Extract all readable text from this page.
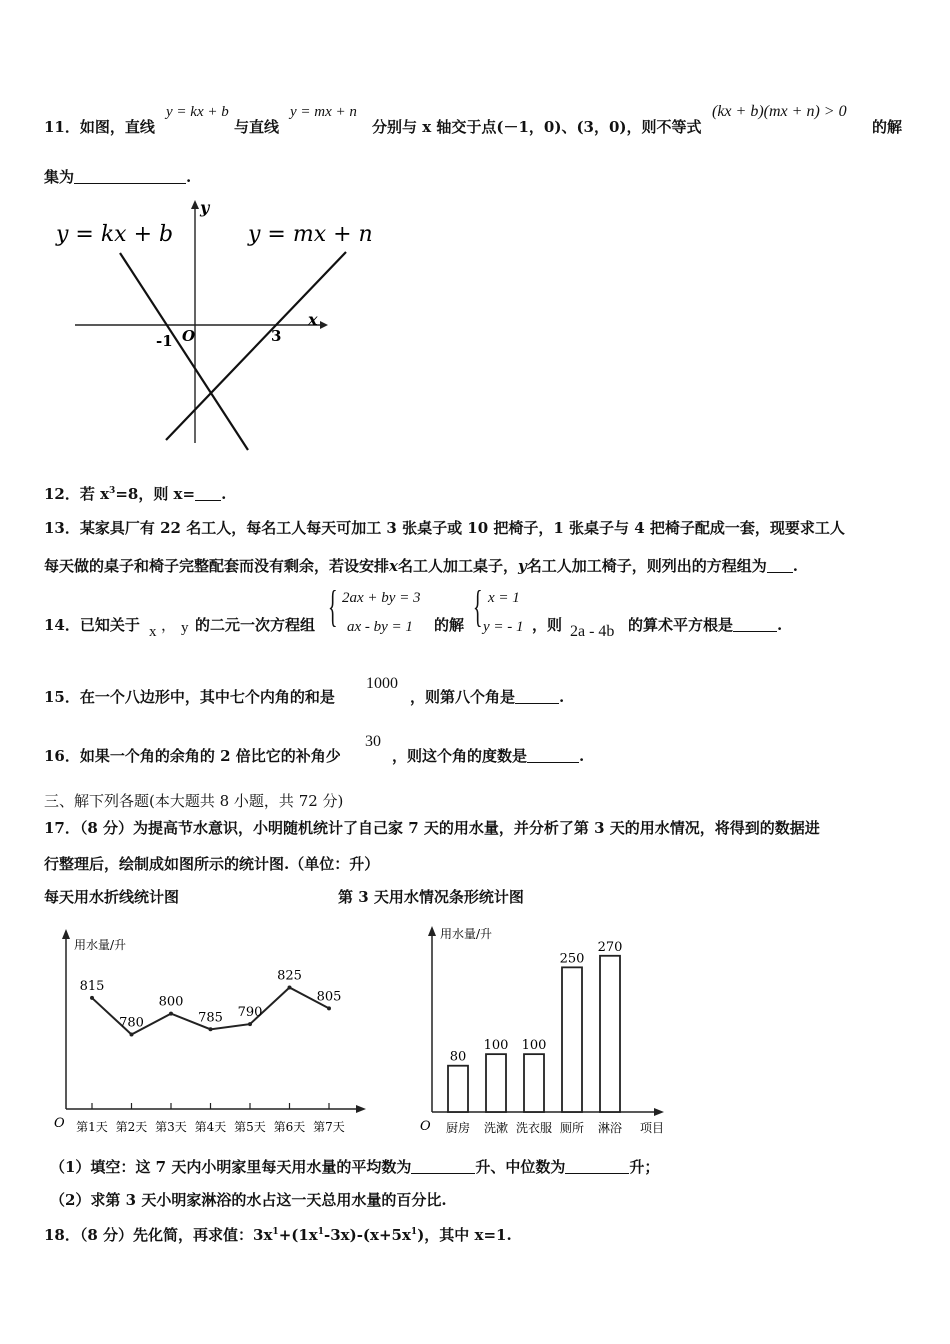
11．如图，直线
y = kx + b
与直线
y = mx + n
分别与 x 轴交于点(－1，0)、(3，0)，则不等式
(kx + b)(mx + n) > 0
的解
集为	.
y = kx + b	y = mx + n
y
x
O
-1	3
12．若 $x^3=8$，则 x= .
13．某家具厂有 22 名工人，每名工人每天可加工 3 张桌子或 10 把椅子，1 张桌子与 4 把椅子配成一套，现要求工人
每天做的桌子和椅子完整配套而没有剩余，若设安排x名工人加工桌子，y名工人加工椅子，则列出的方程组为 .
14．已知关于 x ， y 的二元一次方程组 { 2ax + by = 3
ax - by = 1 的解 { x = 1
y = - 1 ，则 2a - 4b 的算术平方根是	.
15．在一个八边形中，其中七个内角的和是
1000
，则第八个角是	.
16．如果一个角的余角的 2 倍比它的补角少
30
，则这个角的度数是	.
三、解下列各题(本大题共 8 小题，共 72 分)
17．（8 分）为提高节水意识，小明随机统计了自己家 7 天的用水量，并分析了第 3 天的用水情况，将得到的数据进
行整理后，绘制成如图所示的统计图.（单位：升）
每天用水折线统计图	第 3 天用水情况条形统计图
用水量/升
O
815
第1天
780
第2天
800
第3天
785
第4天
790
第5天
825
第6天
805
第7天
用水量/升
O	项目
80
厨房
100
洗漱
100
洗衣服
250
厕所
270
淋浴
（1）填空：这 7 天内小明家里每天用水量的平均数为	升、中位数为	升；
（2）求第 3 天小明家淋浴的水占这一天总用水量的百分比.
18．（8 分）先化简，再求值：$3x^1+(1x^1-3x)-(x+5x^1)$，其中 x=1.
